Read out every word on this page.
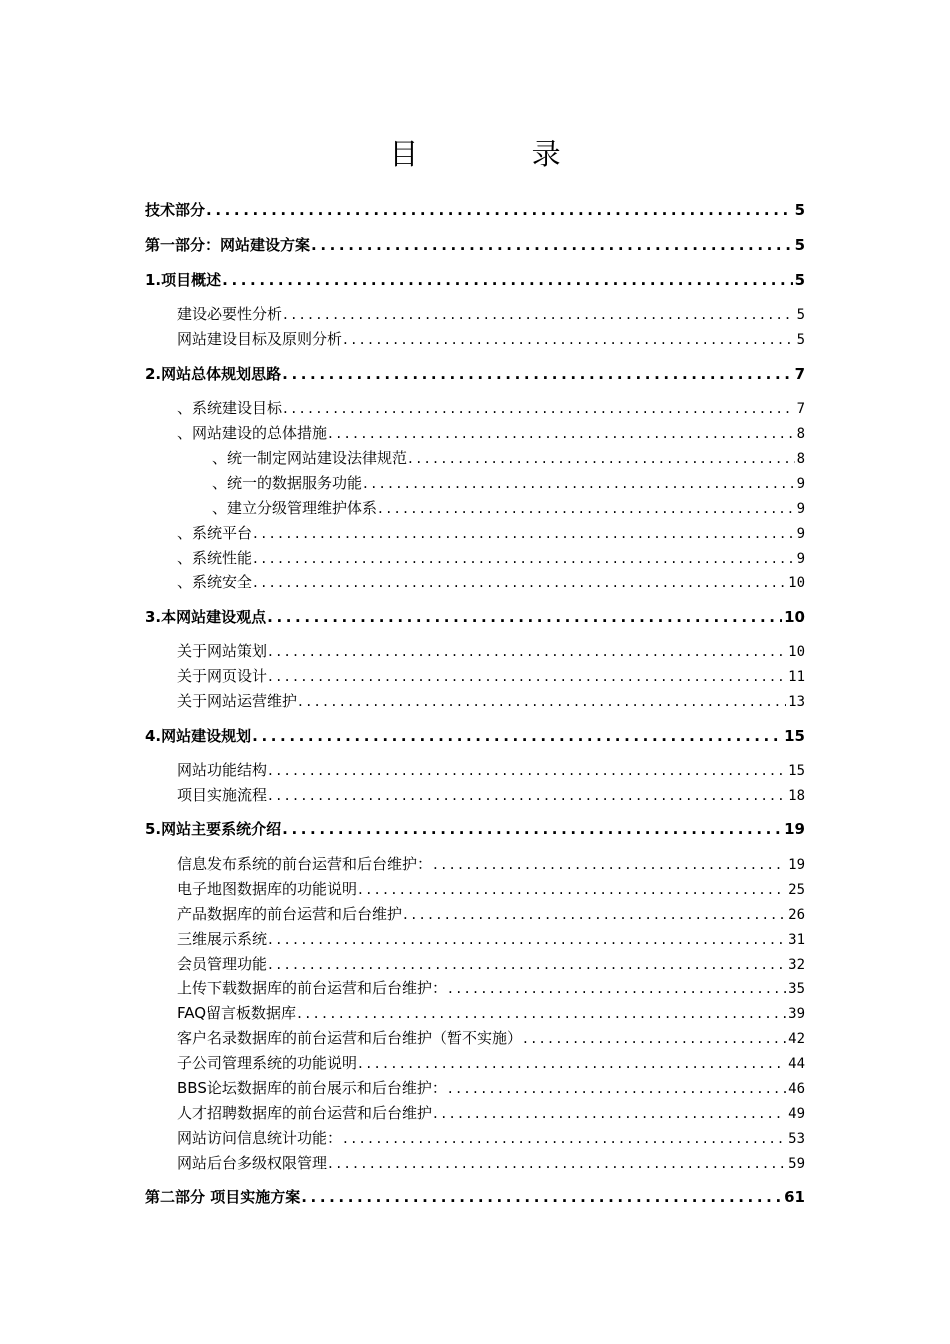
目 录
技术部分 .....	5
第一部分：网站建设方案 .....	5
1.项目概述 .....	5
建设必要性分析 .....	5
网站建设目标及原则分析 .....	5
2.网站总体规划思路 .....	7
、系统建设目标 .....	7
、网站建设的总体措施 .....	8
、统一制定网站建设法律规范 .....	8
、统一的数据服务功能 .....	9
、建立分级管理维护体系 .....	9
、系统平台 .....	9
、系统性能 .....	9
、系统安全 .....	10
3.本网站建设观点 .....	10
关于网站策划 .....	10
关于网页设计 .....	11
关于网站运营维护 .....	13
4.网站建设规划 .....	15
网站功能结构 .....	15
项目实施流程 .....	18
5.网站主要系统介绍 .....	19
信息发布系统的前台运营和后台维护： .....	19
电子地图数据库的功能说明 .....	25
产品数据库的前台运营和后台维护 .....	26
三维展示系统 .....	31
会员管理功能 .....	32
上传下载数据库的前台运营和后台维护： .....	35
FAQ留言板数据库 .....	39
客户名录数据库的前台运营和后台维护（暂不实施） .....	42
子公司管理系统的功能说明 .....	44
BBS论坛数据库的前台展示和后台维护： .....	46
人才招聘数据库的前台运营和后台维护 .....	49
网站访问信息统计功能： .....	53
网站后台多级权限管理 .....	59
第二部分 项目实施方案 .....	61
